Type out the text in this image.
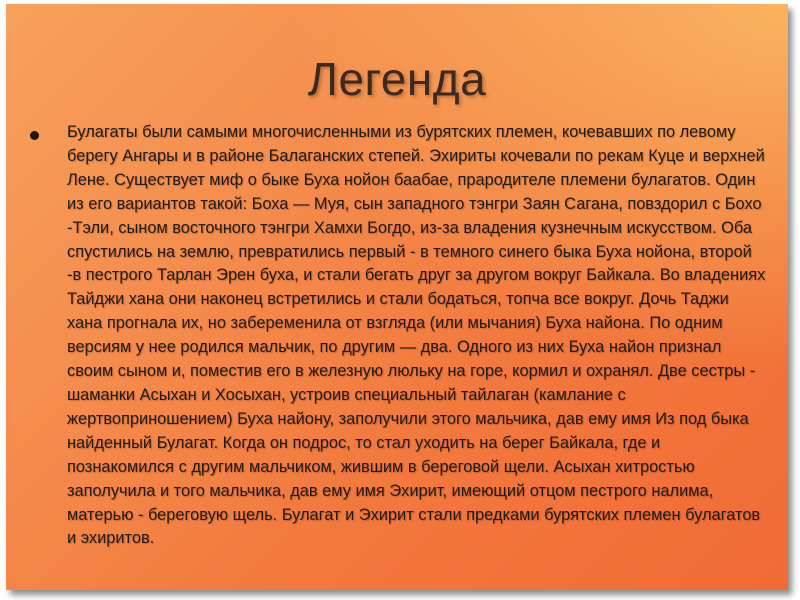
Легенда

Булагаты были самыми многочисленными из бурятских племен, кочевавших по левому берегу Ангары и в районе Балаганских степей. Эхириты кочевали по рекам Куце и верхней Лене. Существует миф о быке Буха нойон баабае, прародителе племени булагатов. Один из его вариантов такой: Боха — Муя, сын западного тэнгри Заян Сагана, повздорил с Бохо -Тэли, сыном восточного тэнгри Хамхи Богдо, из-за владения кузнечным искусством. Оба спустились на землю, превратились первый - в темного синего быка Буха нойона, второй -в пестрого Тарлан Эрен буха, и стали бегать друг за другом вокруг Байкала. Во владениях Тайджи хана они наконец встретились и стали бодаться, топча все вокруг. Дочь Таджи хана прогнала их, но забеременила от взгляда (или мычания) Буха найона. По одним версиям у нее родился мальчик, по другим — два. Одного из них Буха найон признал своим сыном и, поместив его в железную люльку на горе, кормил и охранял. Две сестры - шаманки Асыхан и Хосыхан, устроив специальный тайлаган (камлание с жертвоприношением) Буха найону, заполучили этого мальчика, дав ему имя Из под быка найденный Булагат. Когда он подрос, то стал уходить на берег Байкала, где и познакомился с другим мальчиком, жившим в береговой щели. Асыхан хитростью заполучила и того мальчика, дав ему имя Эхирит, имеющий отцом пестрого налима, матерью - береговую щель. Булагат и Эхирит стали предками бурятских племен булагатов и эхиритов.
